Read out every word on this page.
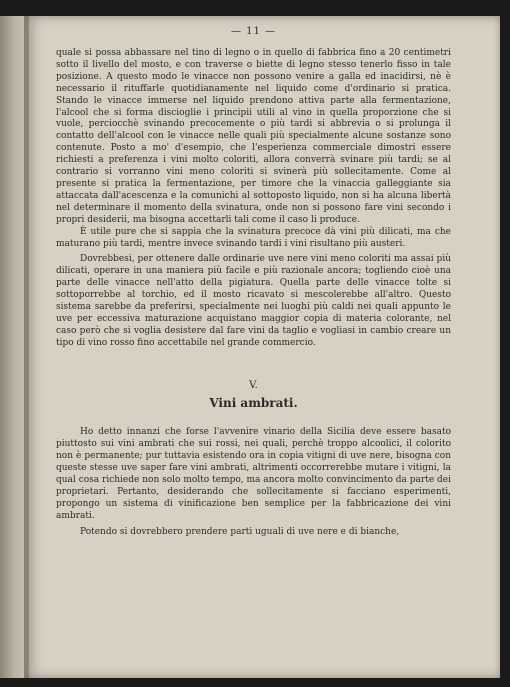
— 11 —

quale si possa abbassare nel tino di legno o in quello di fabbrica fino a 20 centimetri sotto il livello del mosto, e con traverse o biette di legno stesso tenerlo fisso in tale posizione. A questo modo le vinacce non possono venire a galla ed inacidirsi, nè è necessario il rituffarle quotidianamente nel liquido come d'ordinario si pratica. Stando le vinacce immerse nel liquido prendono attiva parte alla fermentazione, l'alcool che si forma discioglie i principii utili al vino in quella proporzione che si vuole, perciocchè svinando precocemente o più tardi si abbrevia o si prolunga il contatto dell'alcool con le vinacce nelle quali più specialmente alcune sostanze sono contenute. Posto a mo' d'esempio, che l'esperienza commerciale dimostri essere richiesti a preferenza i vini molto coloriti, allora converrà svinare più tardi; se al contrario si vorranno vini meno coloriti si svinerà più sollecitamente. Come al presente si pratica la fermentazione, per timore che la vinaccia galleggiante sia attaccata dall'acescenza e la comunichi al sottoposto liquido, non si ha alcuna libertà nel determinare il momento della svinatura, onde non si possono fare vini secondo i propri desiderii, ma bisogna accettarli tali come il caso li produce.

È utile pure che si sappia che la svinatura precoce dà vini più dilicati, ma che maturano più tardi, mentre invece svinando tardi i vini risultano più austeri.

Dovrebbesi, per ottenere dalle ordinarie uve nere vini meno coloriti ma assai più dilicati, operare in una maniera più facile e più razionale ancora; togliendo cioè una parte delle vinacce nell'atto della pigiatura. Quella parte delle vinacce tolte si sottoporrebbe al torchio, ed il mosto ricavato si mescolerebbe all'altro. Questo sistema sarebbe da preferirsi, specialmente nei luoghi più caldi nei quali appunto le uve per eccessiva maturazione acquistano maggior copia di materia colorante, nel caso però che si voglia desistere dal fare vini da taglio e vogliasi in cambio creare un tipo di vino rosso fino accettabile nel grande commercio.

V.
Vini ambrati.

Ho detto innanzi che forse l'avvenire vinario della Sicilia deve essere basato piuttosto sui vini ambrati che sui rossi, nei quali, perchè troppo alcoolici, il colorito non è permanente; pur tuttavia esistendo ora in copia vitigni di uve nere, bisogna con queste stesse uve saper fare vini ambrati, altrimenti occorrerebbe mutare i vitigni, la qual cosa richiede non solo molto tempo, ma ancora molto convincimento da parte dei proprietari. Pertanto, desiderando che sollecitamente si facciano esperimenti, propongo un sistema di vinificazione ben semplice per la fabbricazione dei vini ambrati.

Potendo si dovrebbero prendere parti uguali di uve nere e di bianche,
